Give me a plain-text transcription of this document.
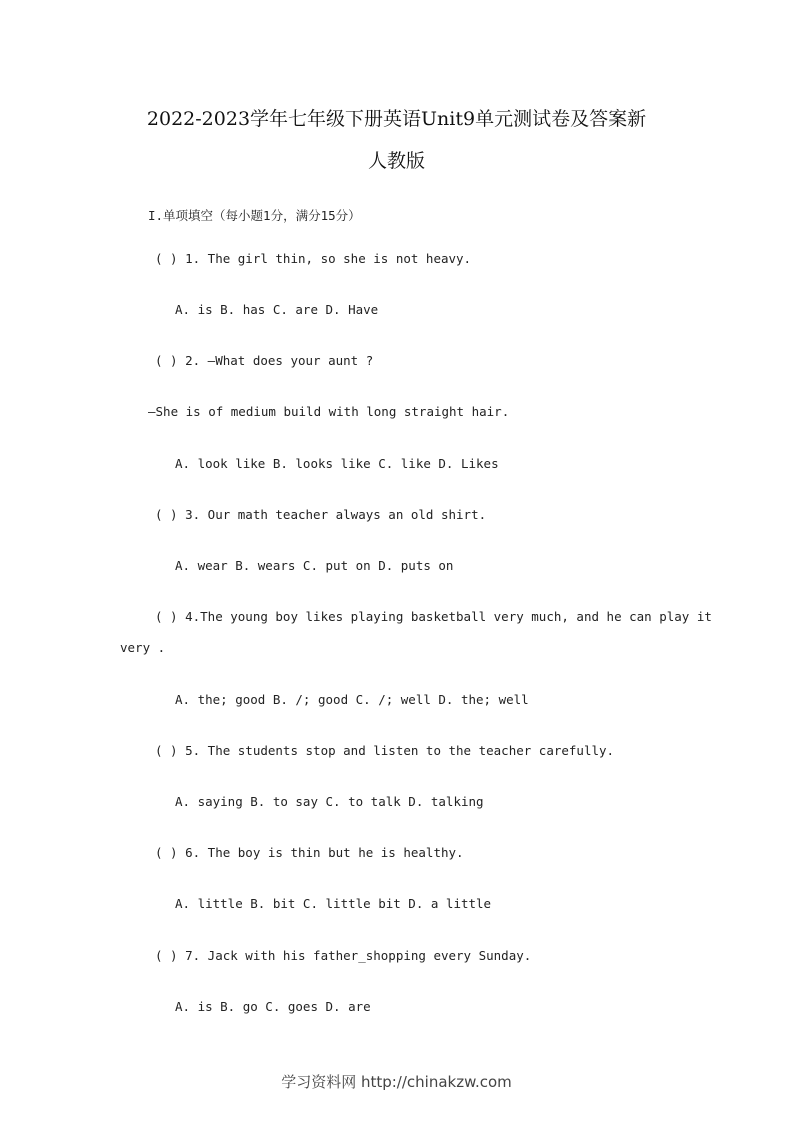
2022-2023学年七年级下册英语Unit9单元测试卷及答案新
人教版
I.单项填空（每小题1分，满分15分）
( ) 1. The girl thin, so she is not heavy.
A. is B. has C. are D. Have
( ) 2. —What does your aunt ?
—She is of medium build with long straight hair.
A. look like B. looks like C. like D. Likes
( ) 3. Our math teacher always an old shirt.
A. wear B. wears C. put on D. puts on
( ) 4.The young boy likes playing basketball very much, and he can play it
very .
A. the; good B. /; good C. /; well D. the; well
( ) 5. The students stop and listen to the teacher carefully.
A. saying B. to say C. to talk D. talking
( ) 6. The boy is thin but he is healthy.
A. little B. bit C. little bit D. a little
( ) 7. Jack with his father_shopping every Sunday.
A. is B. go C. goes D. are
学习资料网 http://chinakzw.com
